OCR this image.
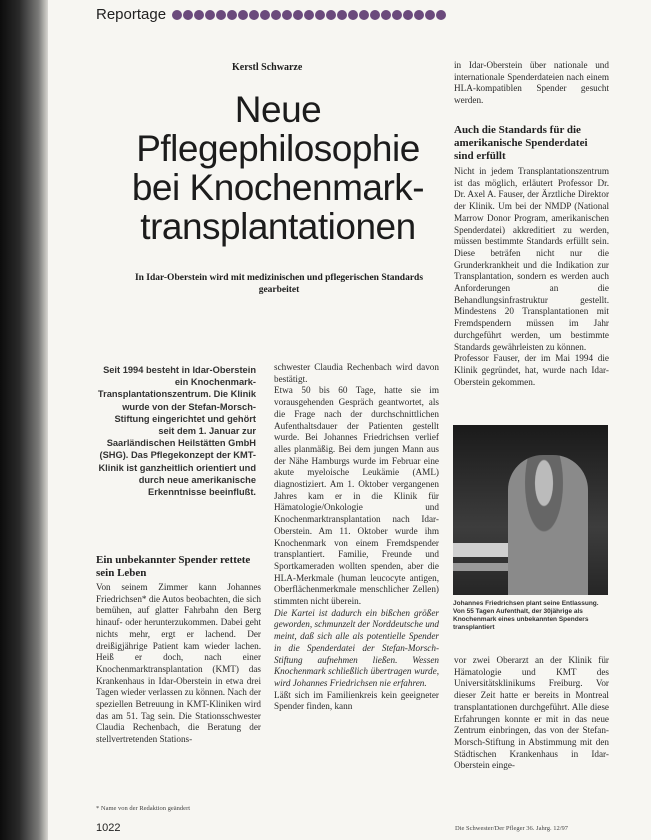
Reportage
Kerstl Schwarze
Neue
Pflegephilosophie
bei Knochenmark-
transplantationen
In Idar-Oberstein wird mit medizinischen und pflegerischen Standards gearbeitet
Seit 1994 besteht in Idar-Oberstein ein Knochenmark-Transplantationszentrum. Die Klinik wurde von der Stefan-Morsch-Stiftung eingerichtet und gehört seit dem 1. Januar zur Saarländischen Heilstätten GmbH (SHG). Das Pflegekonzept der KMT-Klinik ist ganzheitlich orientiert und durch neue amerikanische Erkenntnisse beeinflußt.
Ein unbekannter Spender rettete sein Leben

Von seinem Zimmer kann Johannes Friedrichsen* die Autos beobachten, die sich bemühen, auf glatter Fahrbahn den Berg hinauf- oder herunterzukommen. Dabei geht nichts mehr, ergt er lachend. Der dreißigjährige Patient kam wieder lachen. Heiß er doch, nach einer Knochenmarktransplantation (KMT) das Krankenhaus in Idar-Oberstein in etwa drei Tagen wieder verlassen zu können. Nach der speziellen Betreuung in KMT-Kliniken wird das am 51. Tag sein. Die Stationsschwester Claudia Rechenbach, die Beratung der stellvertretenden Stations-

* Name von der Redaktion geändert

schwester Claudia Rechenbach wird davon bestätigt.

Etwa 50 bis 60 Tage, hatte sie im vorausgehenden Gespräch geantwortet, als die Frage nach der durchschnittlichen Aufenthaltsdauer der Patienten gestellt wurde. Bei Johannes Friedrichsen verlief alles planmäßig. Bei dem jungen Mann aus der Nähe Hamburgs wurde im Februar eine akute myeloische Leukämie (AML) diagnostiziert. Am 1. Oktober vergangenen Jahres kam er in die Klinik für Hämatologie/Onkologie und Knochenmarktransplantation nach Idar-Oberstein. Am 11. Oktober wurde ihm Knochenmark von einem Fremdspender transplantiert. Familie, Freunde und Sportkameraden wollten spenden, aber die HLA-Merkmale (human leucocyte antigen, Oberflächenmerkmale menschlicher Zellen) stimmten nicht überein.

Die Kartei ist dadurch ein bißchen größer geworden, schmunzelt der Norddeutsche und meint, daß sich alle als potentielle Spender in die Spenderdatei der Stefan-Morsch-Stiftung aufnehmen ließen. Wessen Knochenmark schließlich übertragen wurde, wird Johannes Friedrichsen nie erfahren.

Läßt sich im Familienkreis kein geeigneter Spender finden, kann

in Idar-Oberstein über nationale und internationale Spenderdateien nach einem HLA-kompatiblen Spender gesucht werden.
Auch die Standards für die amerikanische Spenderdatei sind erfüllt

Nicht in jedem Transplantationszentrum ist das möglich, erläutert Professor Dr. Dr. Axel A. Fauser, der Ärztliche Direktor der Klinik. Um bei der NMDP (National Marrow Donor Program, amerikanischen Spenderdatei) akkreditiert zu werden, müssen bestimmte Standards erfüllt sein. Diese beträfen nicht nur die Grunderkrankheit und die Indikation zur Transplantation, sondern es werden auch Anforderungen an die Behandlungsinfrastruktur gestellt. Mindestens 20 Transplantationen mit Fremdspendern müssen im Jahr durchgeführt werden, um bestimmte Standards gewährleisten zu können.

Professor Fauser, der im Mai 1994 die Klinik gegründet, hat, wurde nach Idar-Oberstein gekommen.

Johannes Friedrichsen plant seine Entlassung. Von 55 Tagen Aufenthalt, der 30jährige als Knochenmark eines unbekannten Spenders transplantiert
vor zwei Oberarzt an der Klinik für Hämatologie und KMT des Universitätsklinikums Freiburg. Vor dieser Zeit hatte er bereits in Montreal transplantationen durchgeführt. Alle diese Erfahrungen konnte er mit in das neue Zentrum einbringen, das von der Stefan-Morsch-Stiftung in Abstimmung mit den Städtischen Krankenhaus in Idar-Oberstein einge-
1022	Die Schwester/Der Pfleger 36. Jahrg. 12/97
